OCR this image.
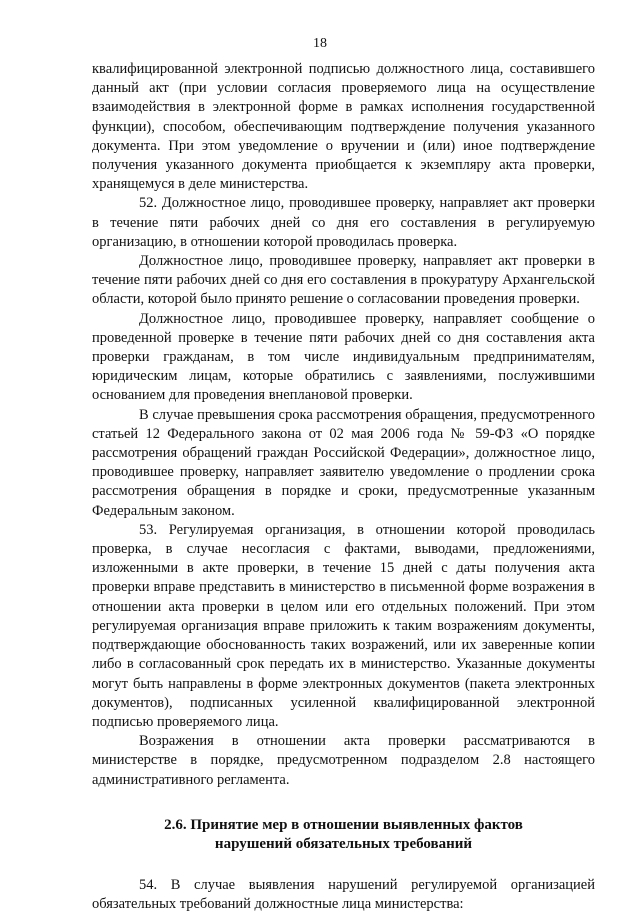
18

квалифицированной электронной подписью должностного лица, составившего данный акт (при условии согласия проверяемого лица на осуществление взаимодействия в электронной форме в рамках исполнения государственной функции), способом, обеспечивающим подтверждение получения указанного документа. При этом уведомление о вручении и (или) иное подтверждение получения указанного документа приобщается к экземпляру акта проверки, хранящемуся в деле министерства.

52. Должностное лицо, проводившее проверку, направляет акт проверки в течение пяти рабочих дней со дня его составления в регулируемую организацию, в отношении которой проводилась проверка.

Должностное лицо, проводившее проверку, направляет акт проверки в течение пяти рабочих дней со дня его составления в прокуратуру Архангельской области, которой было принято решение о согласовании проведения проверки.

Должностное лицо, проводившее проверку, направляет сообщение о проведенной проверке в течение пяти рабочих дней со дня составления акта проверки гражданам, в том числе индивидуальным предпринимателям, юридическим лицам, которые обратились с заявлениями, послужившими основанием для проведения внеплановой проверки.

В случае превышения срока рассмотрения обращения, предусмотренного статьей 12 Федерального закона от 02 мая 2006 года № 59-ФЗ «О порядке рассмотрения обращений граждан Российской Федерации», должностное лицо, проводившее проверку, направляет заявителю уведомление о продлении срока рассмотрения обращения в порядке и сроки, предусмотренные указанным Федеральным законом.

53. Регулируемая организация, в отношении которой проводилась проверка, в случае несогласия с фактами, выводами, предложениями, изложенными в акте проверки, в течение 15 дней с даты получения акта проверки вправе представить в министерство в письменной форме возражения в отношении акта проверки в целом или его отдельных положений. При этом регулируемая организация вправе приложить к таким возражениям документы, подтверждающие обоснованность таких возражений, или их заверенные копии либо в согласованный срок передать их в министерство. Указанные документы могут быть направлены в форме электронных документов (пакета электронных документов), подписанных усиленной квалифицированной электронной подписью проверяемого лица.

Возражения в отношении акта проверки рассматриваются в министерстве в порядке, предусмотренном подразделом 2.8 настоящего административного регламента.

2.6. Принятие мер в отношении выявленных фактов
нарушений обязательных требований

54. В случае выявления нарушений регулируемой организацией обязательных требований должностные лица министерства:
